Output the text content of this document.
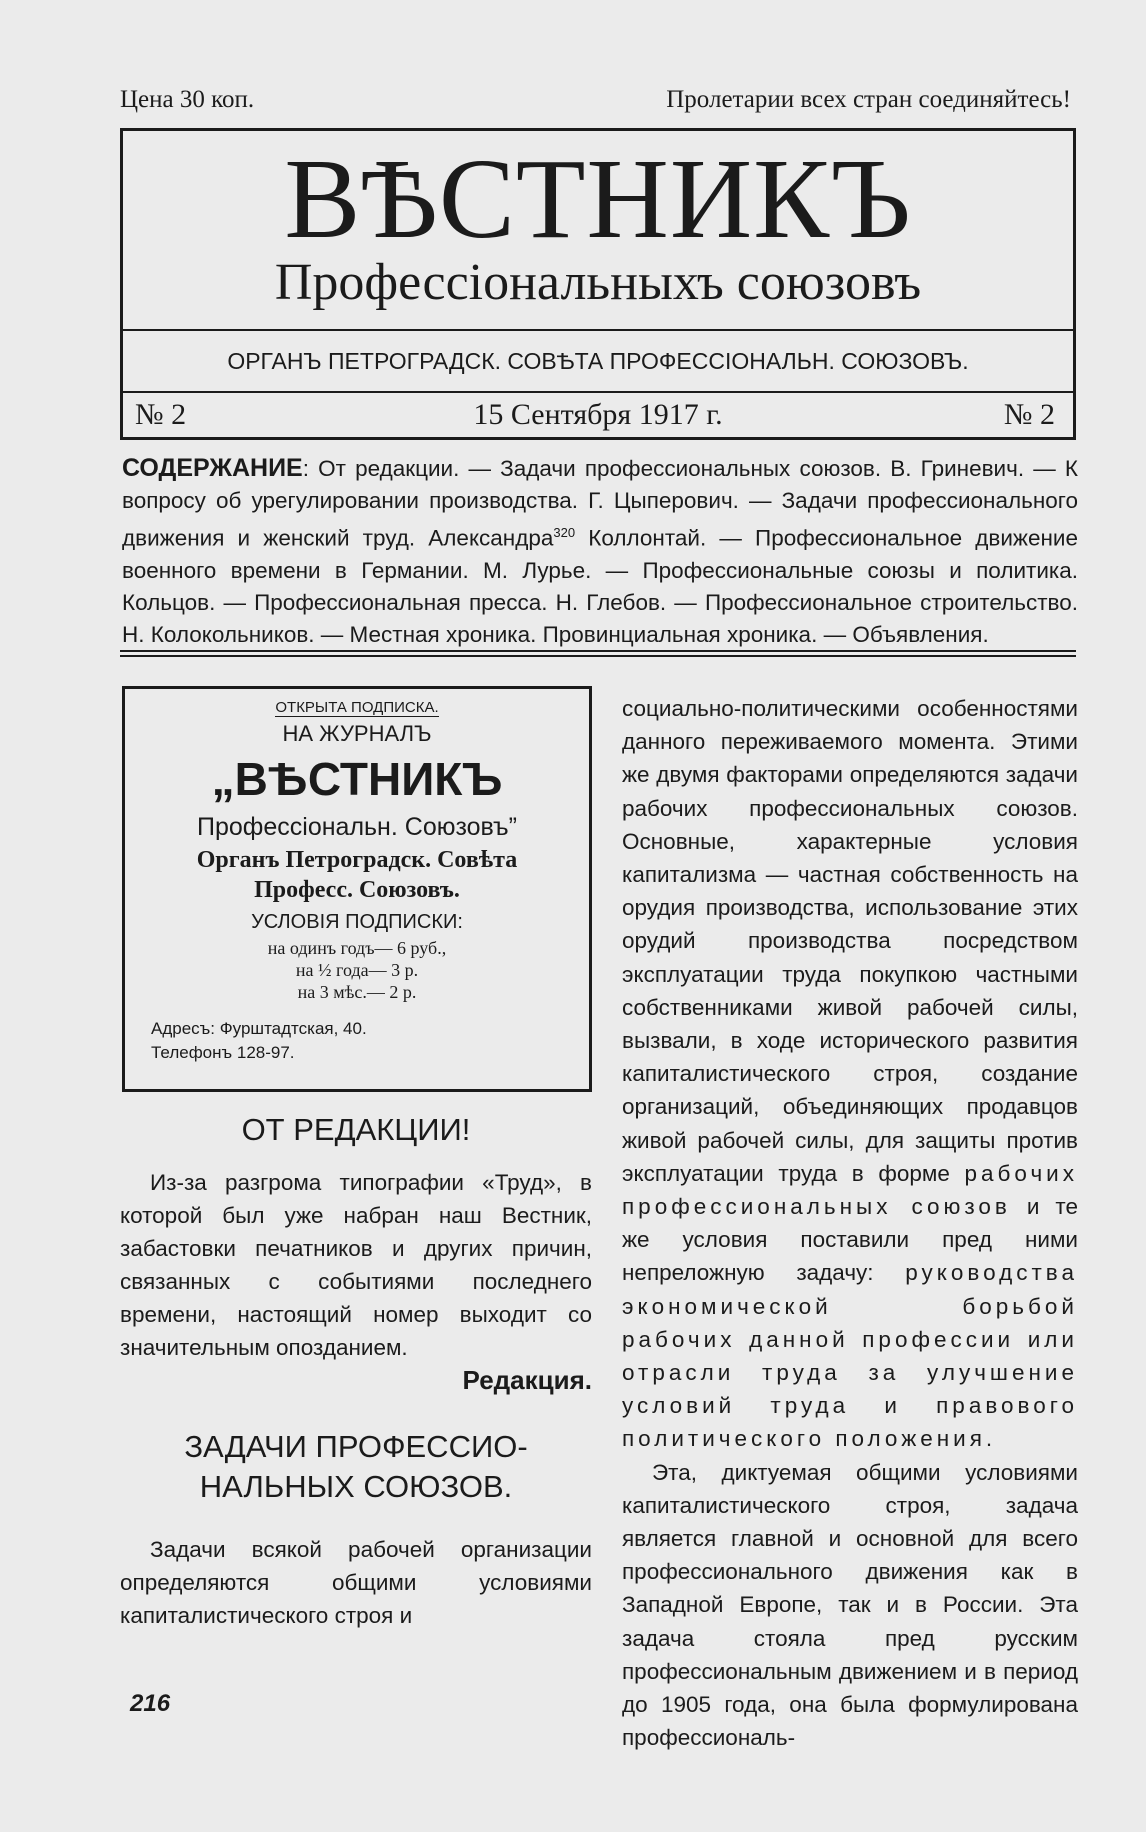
Цена 30 коп.	Пролетарии всех стран соединяйтесь!
ВѢСТНИКЪ
Профессiональныхъ союзовъ
ОРГАНЪ ПЕТРОГРАДСК. СОВѢТА ПРОФЕССIОНАЛЬН. СОЮЗОВЪ.
15 Сентября 1917 г.
№ 2	№ 2
СОДЕРЖАНИЕ: От редакции. — Задачи профессиональных союзов. В. Гриневич. — К вопросу об урегулировании производства. Г. Цыперович. — Задачи профессионального движения и женский труд. Александра$^{320}$ Коллонтай. — Профессиональное движение военного времени в Германии. М. Лурье. — Профессиональные союзы и политика. Кольцов. — Профессиональная пресса. Н. Глебов. — Профессиональное строительство. Н. Колокольников. — Местная хроника. Провинциальная хроника. — Объявления.
ОТКРЫТА ПОДПИСКА.
НА ЖУРНАЛЪ
„ВѢСТНИКЪ
Профессiональн. Союзовъ”
Органъ Петроградск. Совѣта
Професс. Союзовъ.
УСЛОВIЯ ПОДПИСКИ:
на одинъ годъ— 6 руб.,
на ½ года— 3 р.
на 3 мѣс.— 2 р.
Адресъ: Фурштадтская, 40.
Телефонъ 128-97.
ОТ РЕДАКЦИИ!

Из-за разгрома типографии «Труд», в которой был уже набран наш Вестник, забастовки печатников и других причин, связанных с событиями последнего времени, настоящий номер выходит со значительным опозданием.

Редакция.
ЗАДАЧИ ПРОФЕССИО-
НАЛЬНЫХ СОЮЗОВ.

Задачи всякой рабочей организации определяются общими условиями капиталистического строя и

социально-политическими особенностями данного переживаемого момента. Этими же двумя факторами определяются задачи рабочих профессиональных союзов. Основные, характерные условия капитализма — частная собственность на орудия производства, использование этих орудий производства посредством эксплуатации труда покупкою частными собственниками живой рабочей силы, вызвали, в ходе исторического развития капиталистического строя, создание организаций, объединяющих продавцов живой рабочей силы, для защиты против эксплуатации труда в форме рабочих профессиональных союзов и те же условия поставили пред ними непреложную задачу: руководства экономической борьбой рабочих данной профессии или отрасли труда за улучшение условий труда и правового политического положения.

Эта, диктуемая общими условиями капиталистического строя, задача является главной и основной для всего профессионального движения как в Западной Европе, так и в России. Эта задача стояла пред русским профессиональным движением и в период до 1905 года, она была формулирована профессиональ-

216
